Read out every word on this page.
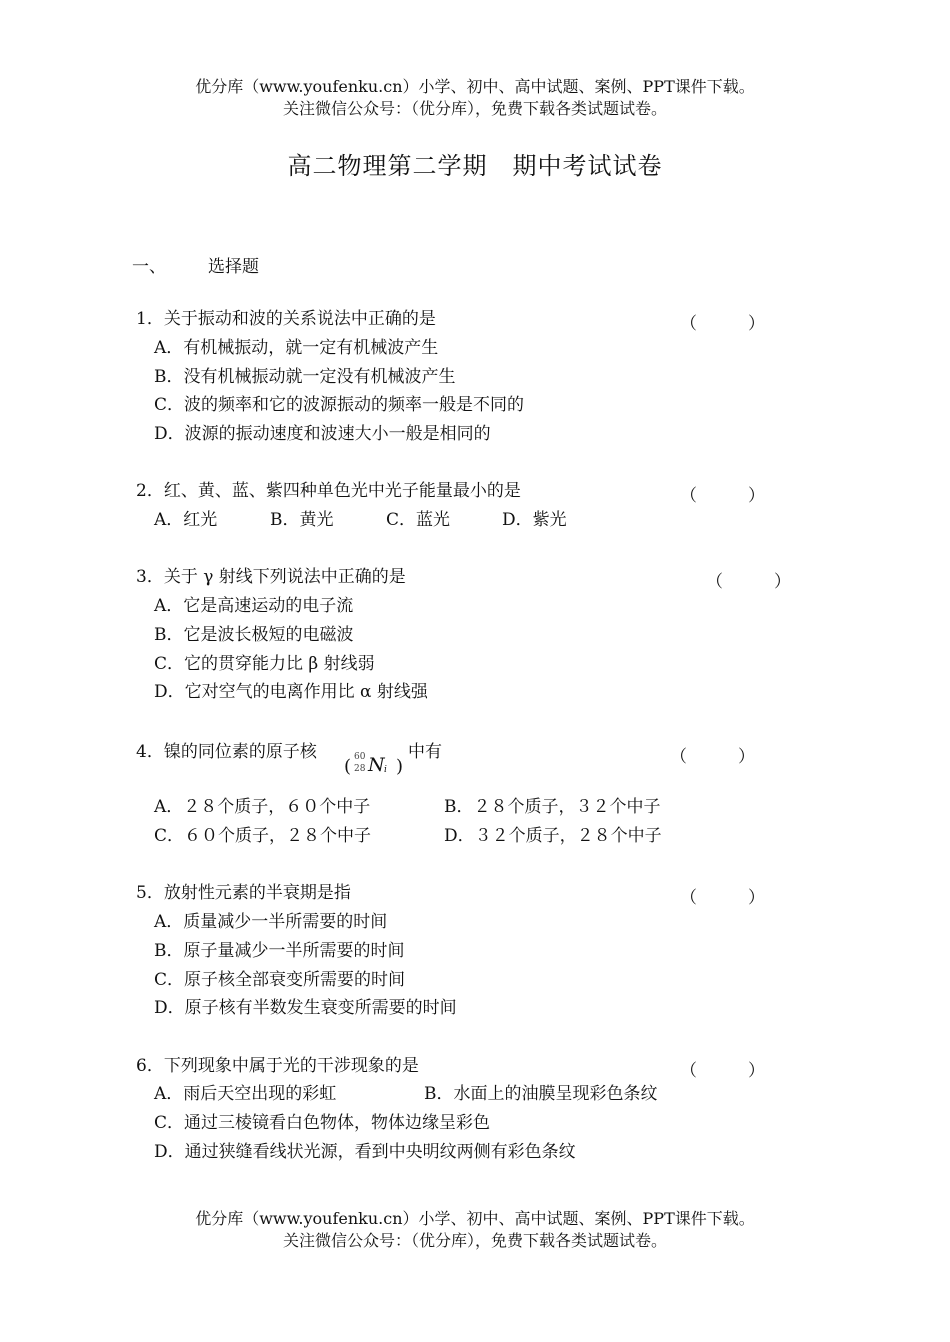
优分库（www.youfenku.cn）小学、初中、高中试题、案例、PPT课件下载。
关注微信公众号：（优分库），免费下载各类试题试卷。
高二物理第二学期　期中考试试卷
一、 选择题
1．关于振动和波的关系说法中正确的是	（　　　）
A．有机械振动，就一定有机械波产生
B．没有机械振动就一定没有机械波产生
C．波的频率和它的波源振动的频率一般是不同的
D．波源的振动速度和波速大小一般是相同的
2．红、黄、蓝、紫四种单色光中光子能量最小的是	（　　　）
A．红光	B．黄光	C．蓝光	D．紫光
3．关于 γ 射线下列说法中正确的是	（　　　）
A．它是高速运动的电子流
B．它是波长极短的电磁波
C．它的贯穿能力比 β 射线弱
D．它对空气的电离作用比 α 射线强
4．镍的同位素的原子核
( 60
28 N i )
中有	（　　　）
A．２８个质子，６０个中子	B．２８个质子，３２个中子
C．６０个质子，２８个中子	D．３２个质子，２８个中子
5．放射性元素的半衰期是指	（　　　）
A．质量减少一半所需要的时间
B．原子量减少一半所需要的时间
C．原子核全部衰变所需要的时间
D．原子核有半数发生衰变所需要的时间
6．下列现象中属于光的干涉现象的是	（　　　）
A．雨后天空出现的彩虹	B．水面上的油膜呈现彩色条纹
C．通过三棱镜看白色物体，物体边缘呈彩色
D．通过狭缝看线状光源，看到中央明纹两侧有彩色条纹
优分库（www.youfenku.cn）小学、初中、高中试题、案例、PPT课件下载。
关注微信公众号：（优分库），免费下载各类试题试卷。
